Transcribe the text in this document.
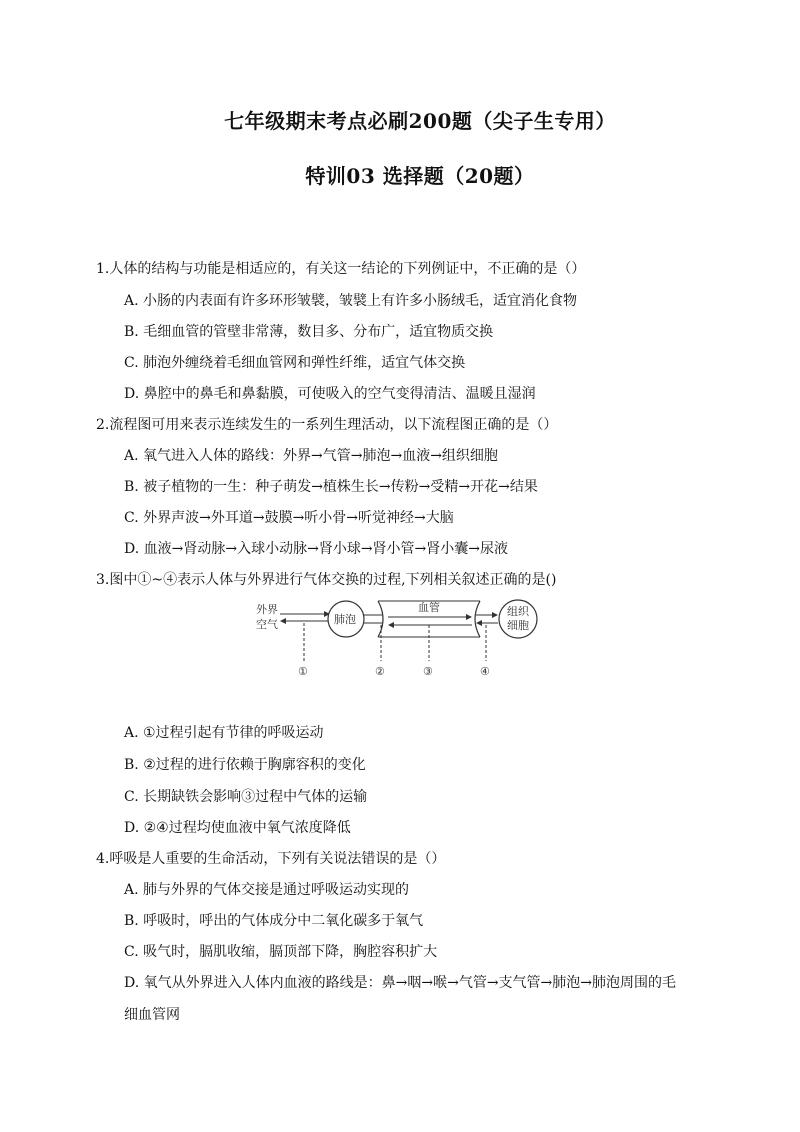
七年级期末考点必刷200题（尖子生专用）
特训03 选择题（20题）
1.人体的结构与功能是相适应的，有关这一结论的下列例证中，不正确的是（）
A. 小肠的内表面有许多环形皱襞，皱襞上有许多小肠绒毛，适宜消化食物
B. 毛细血管的管壁非常薄，数目多、分布广，适宜物质交换
C. 肺泡外缠绕着毛细血管网和弹性纤维，适宜气体交换
D. 鼻腔中的鼻毛和鼻黏膜，可使吸入的空气变得清洁、温暖且湿润
2.流程图可用来表示连续发生的一系列生理活动，以下流程图正确的是（）
A. 氧气进入人体的路线：外界→气管→肺泡→血液→组织细胞
B. 被子植物的一生：种子萌发→植株生长→传粉→受精→开花→结果
C. 外界声波→外耳道→鼓膜→听小骨→听觉神经→大脑
D. 血液→肾动脉→入球小动脉→肾小球→肾小管→肾小囊→尿液
3.图中①~④表示人体与外界进行气体交换的过程,下列相关叙述正确的是()
外界
空气	肺泡
血管	组织
细胞
①	②	③	④
A. ①过程引起有节律的呼吸运动
B. ②过程的进行依赖于胸廓容积的变化
C. 长期缺铁会影响③过程中气体的运输
D. ②④过程均使血液中氧气浓度降低
4.呼吸是人重要的生命活动，下列有关说法错误的是（）
A. 肺与外界的气体交接是通过呼吸运动实现的
B. 呼吸时，呼出的气体成分中二氧化碳多于氧气
C. 吸气时，膈肌收缩，膈顶部下降，胸腔容积扩大
D. 氧气从外界进入人体内血液的路线是：鼻→咽→喉→气管→支气管→肺泡→肺泡周围的毛
细血管网
